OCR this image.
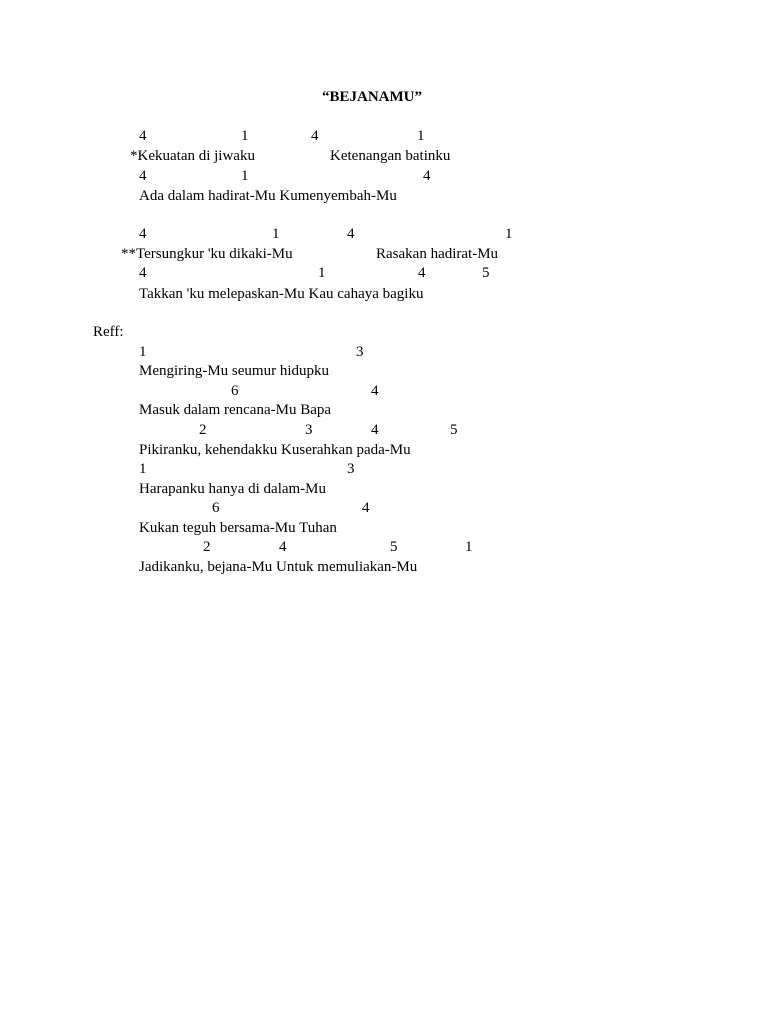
“BEJANAMU”
4	1	4	1
*Kekuatan di jiwaku	Ketenangan batinku
4	1	4
Ada dalam hadirat-Mu Kumenyembah-Mu
4	1	4	1
**Tersungkur 'ku dikaki-Mu	Rasakan hadirat-Mu
4	1	4	5
Takkan 'ku melepaskan-Mu Kau cahaya bagiku
Reff:
1	3
Mengiring-Mu seumur hidupku
6	4
Masuk dalam rencana-Mu Bapa
2	3	4	5
Pikiranku, kehendakku Kuserahkan pada-Mu
1	3
Harapanku hanya di dalam-Mu
6	4
Kukan teguh bersama-Mu Tuhan
2	4	5	1
Jadikanku, bejana-Mu Untuk memuliakan-Mu
